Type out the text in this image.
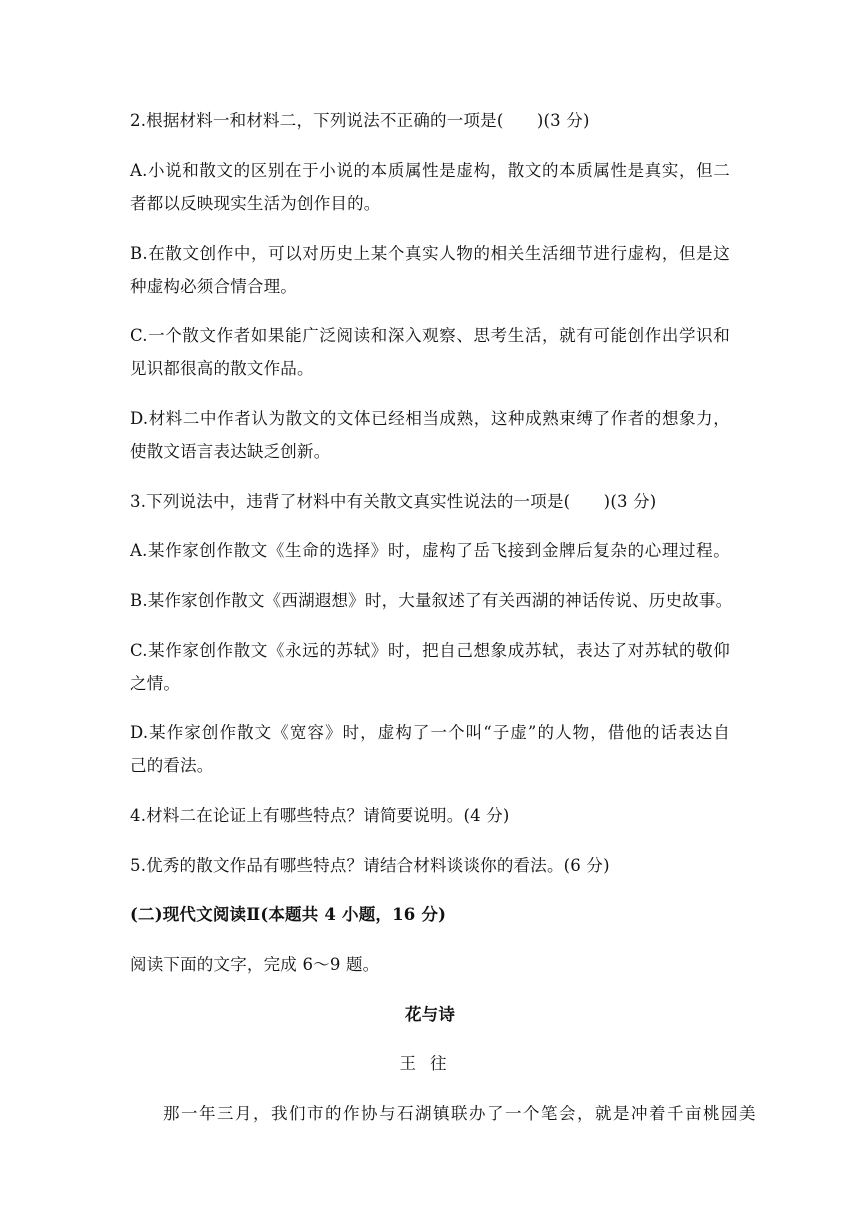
2.根据材料一和材料二，下列说法不正确的一项是(　　)(3 分)
A.小说和散文的区别在于小说的本质属性是虚构，散文的本质属性是真实，但二
者都以反映现实生活为创作目的。
B.在散文创作中，可以对历史上某个真实人物的相关生活细节进行虚构，但是这
种虚构必须合情合理。
C.一个散文作者如果能广泛阅读和深入观察、思考生活，就有可能创作出学识和
见识都很高的散文作品。
D.材料二中作者认为散文的文体已经相当成熟，这种成熟束缚了作者的想象力，
使散文语言表达缺乏创新。
3.下列说法中，违背了材料中有关散文真实性说法的一项是(　　)(3 分)
A.某作家创作散文《生命的选择》时，虚构了岳飞接到金牌后复杂的心理过程。
B.某作家创作散文《西湖遐想》时，大量叙述了有关西湖的神话传说、历史故事。
C.某作家创作散文《永远的苏轼》时，把自己想象成苏轼，表达了对苏轼的敬仰
之情。
D.某作家创作散文《宽容》时，虚构了一个叫“子虚”的人物，借他的话表达自
己的看法。
4.材料二在论证上有哪些特点？请简要说明。(4 分)
5.优秀的散文作品有哪些特点？请结合材料谈谈你的看法。(6 分)
(二)现代文阅读Ⅱ(本题共 4 小题，16 分)
阅读下面的文字，完成 6～9 题。
花与诗
王往
那一年三月，我们市的作协与石湖镇联办了一个笔会，就是冲着千亩桃园美
